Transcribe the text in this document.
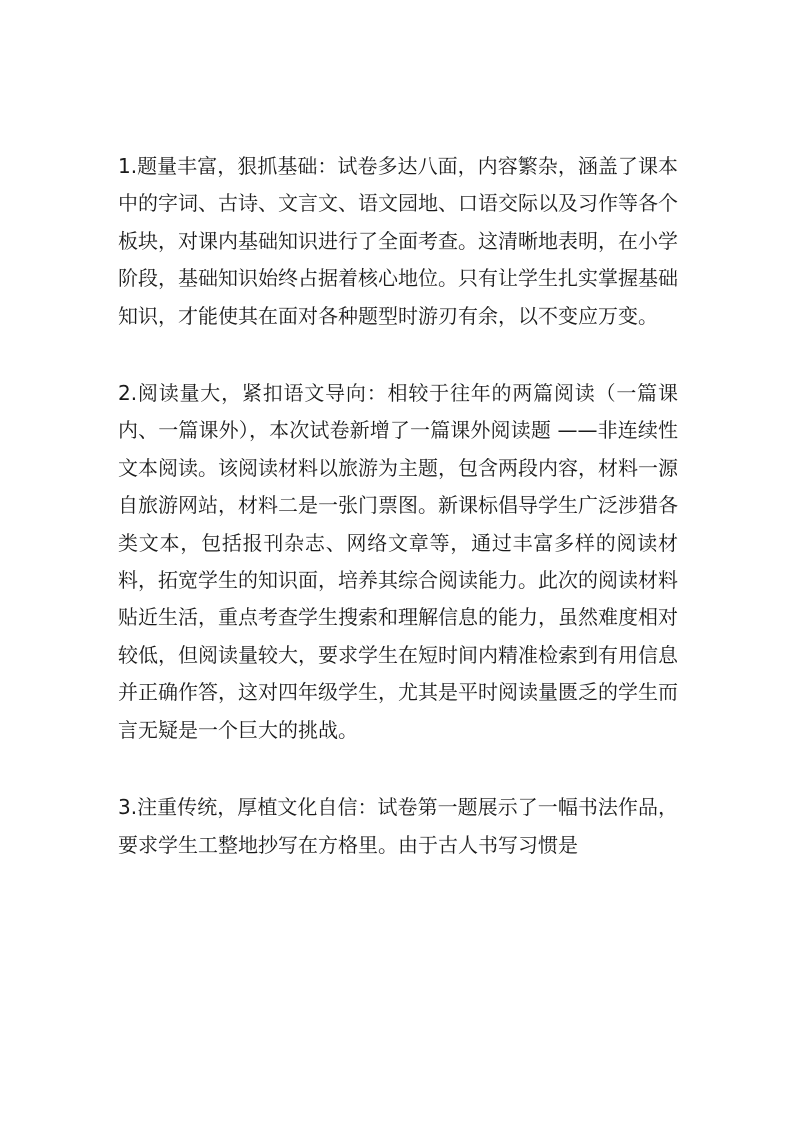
1.题量丰富，狠抓基础：试卷多达八面，内容繁杂，涵盖了课本中的字词、古诗、文言文、语文园地、口语交际以及习作等各个板块，对课内基础知识进行了全面考查。这清晰地表明，在小学阶段，基础知识始终占据着核心地位。只有让学生扎实掌握基础知识，才能使其在面对各种题型时游刃有余，以不变应万变。

2.阅读量大，紧扣语文导向：相较于往年的两篇阅读（一篇课内、一篇课外），本次试卷新增了一篇课外阅读题 ——非连续性文本阅读。该阅读材料以旅游为主题，包含两段内容，材料一源自旅游网站，材料二是一张门票图。新课标倡导学生广泛涉猎各类文本，包括报刊杂志、网络文章等，通过丰富多样的阅读材料，拓宽学生的知识面，培养其综合阅读能力。此次的阅读材料贴近生活，重点考查学生搜索和理解信息的能力，虽然难度相对较低，但阅读量较大，要求学生在短时间内精准检索到有用信息并正确作答，这对四年级学生，尤其是平时阅读量匮乏的学生而言无疑是一个巨大的挑战。

3.注重传统，厚植文化自信：试卷第一题展示了一幅书法作品，要求学生工整地抄写在方格里。由于古人书写习惯是
